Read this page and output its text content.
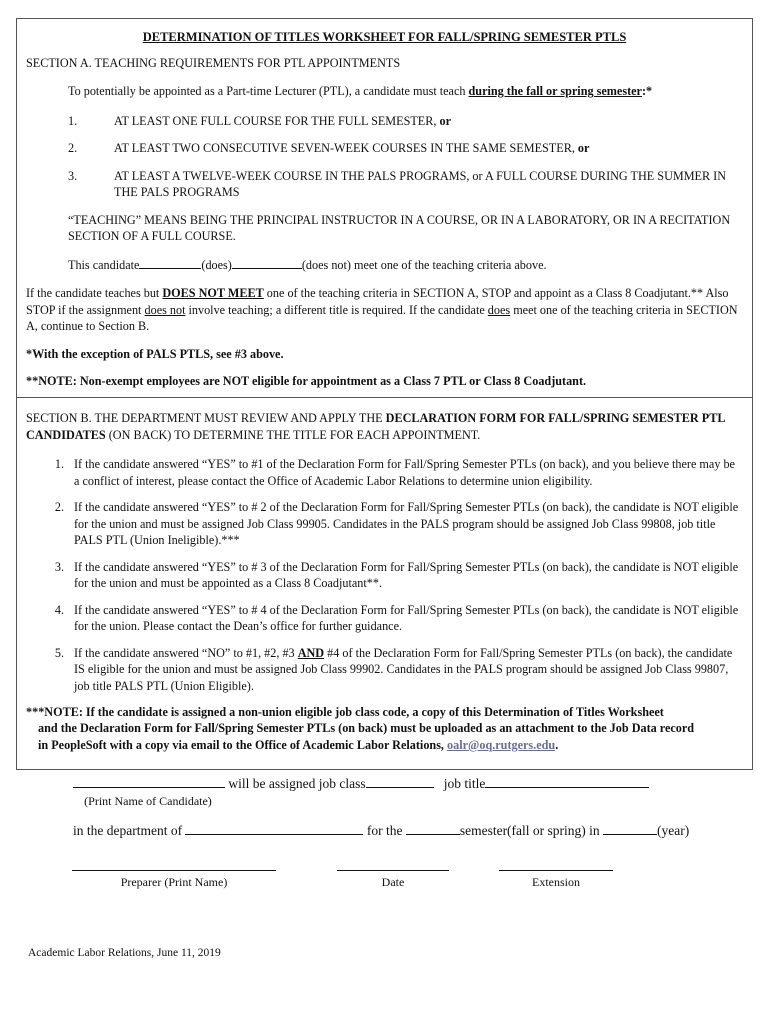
DETERMINATION OF TITLES WORKSHEET FOR FALL/SPRING SEMESTER PTLS
SECTION A. TEACHING REQUIREMENTS FOR PTL APPOINTMENTS
To potentially be appointed as a Part-time Lecturer (PTL), a candidate must teach during the fall or spring semester:*
1.	AT LEAST ONE FULL COURSE FOR THE FULL SEMESTER, or
2.	AT LEAST TWO CONSECUTIVE SEVEN-WEEK COURSES IN THE SAME SEMESTER, or
3.	AT LEAST A TWELVE-WEEK COURSE IN THE PALS PROGRAMS, or A FULL COURSE DURING THE SUMMER IN THE PALS PROGRAMS
“TEACHING” MEANS BEING THE PRINCIPAL INSTRUCTOR IN A COURSE, OR IN A LABORATORY, OR IN A RECITATION SECTION OF A FULL COURSE.
This candidate	(does)	(does not) meet one of the teaching criteria above.
If the candidate teaches but DOES NOT MEET one of the teaching criteria in SECTION A, STOP and appoint as a Class 8 Coadjutant.** Also STOP if the assignment does not involve teaching; a different title is required. If the candidate does meet one of the teaching criteria in SECTION A, continue to Section B.
*With the exception of PALS PTLS, see #3 above.
**NOTE: Non-exempt employees are NOT eligible for appointment as a Class 7 PTL or Class 8 Coadjutant.
SECTION B. THE DEPARTMENT MUST REVIEW AND APPLY THE DECLARATION FORM FOR FALL/SPRING SEMESTER PTL CANDIDATES (ON BACK) TO DETERMINE THE TITLE FOR EACH APPOINTMENT.
1. If the candidate answered “YES” to #1 of the Declaration Form for Fall/Spring Semester PTLs (on back), and you believe there may be a conflict of interest, please contact the Office of Academic Labor Relations to determine union eligibility.
2. If the candidate answered “YES” to # 2 of the Declaration Form for Fall/Spring Semester PTLs (on back), the candidate is NOT eligible for the union and must be assigned Job Class 99905. Candidates in the PALS program should be assigned Job Class 99808, job title PALS PTL (Union Ineligible).***
3. If the candidate answered “YES” to # 3 of the Declaration Form for Fall/Spring Semester PTLs (on back), the candidate is NOT eligible for the union and must be appointed as a Class 8 Coadjutant**.
4. If the candidate answered “YES” to # 4 of the Declaration Form for Fall/Spring Semester PTLs (on back), the candidate is NOT eligible for the union. Please contact the Dean’s office for further guidance.
5. If the candidate answered “NO” to #1, #2, #3 AND #4 of the Declaration Form for Fall/Spring Semester PTLs (on back), the candidate IS eligible for the union and must be assigned Job Class 99902. Candidates in the PALS program should be assigned Job Class 99807, job title PALS PTL (Union Eligible).
***NOTE: If the candidate is assigned a non-union eligible job class code, a copy of this Determination of Titles Worksheet
and the Declaration Form for Fall/Spring Semester PTLs (on back) must be uploaded as an attachment to the Job Data record
in PeopleSoft with a copy via email to the Office of Academic Labor Relations, oalr@oq.rutgers.edu.
will be assigned job class	job title
(Print Name of Candidate)
in the department of	for the	semester(fall or spring) in	(year)
Preparer (Print Name)	Date	Extension
Academic Labor Relations, June 11, 2019
